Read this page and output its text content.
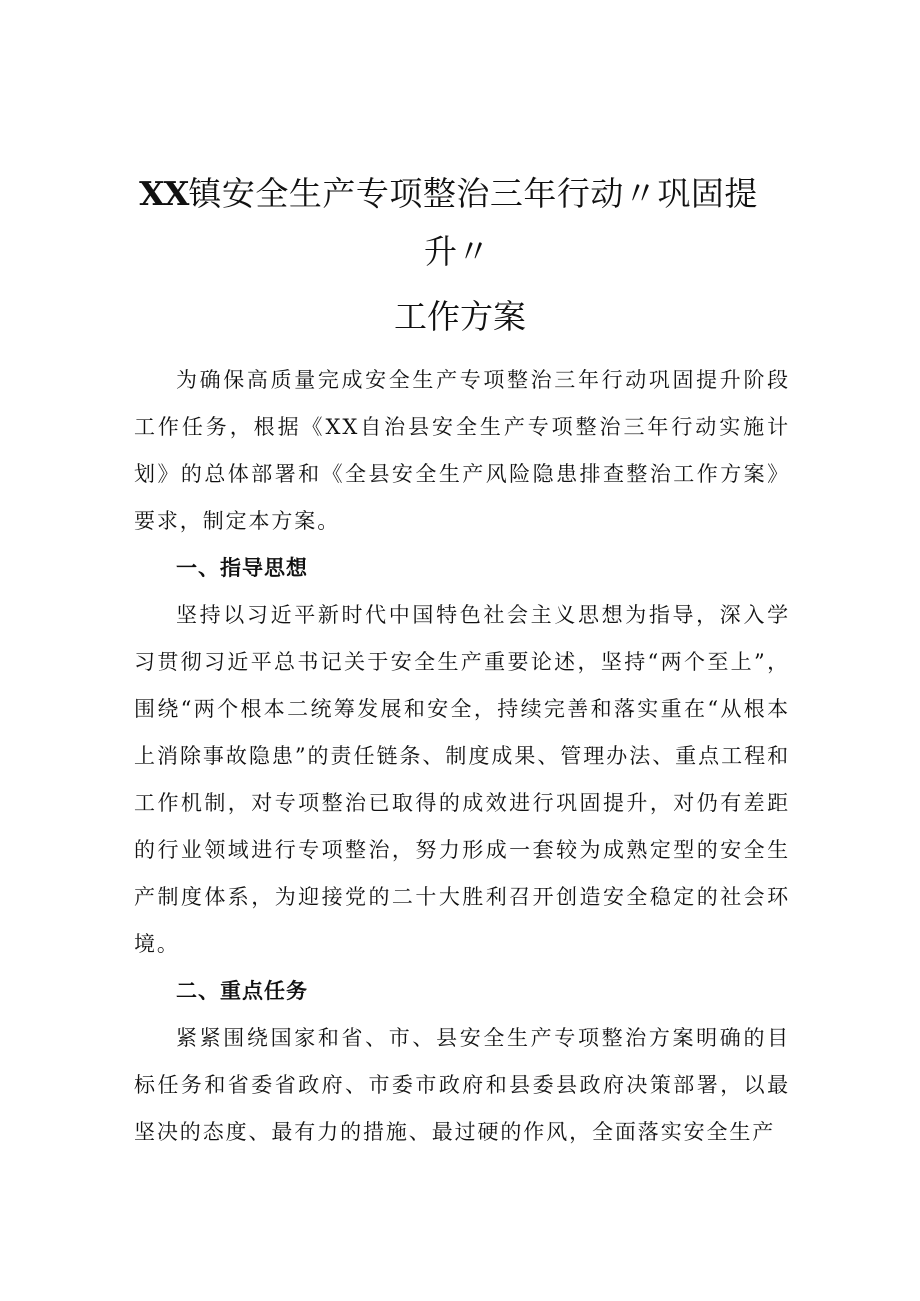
XX镇安全生产专项整治三年行动〃巩固提
升〃
工作方案

为确保高质量完成安全生产专项整治三年行动巩固提升阶段工作任务，根据《XX自治县安全生产专项整治三年行动实施计划》的总体部署和《全县安全生产风险隐患排查整治工作方案》要求，制定本方案。

一、指导思想

坚持以习近平新时代中国特色社会主义思想为指导，深入学习贯彻习近平总书记关于安全生产重要论述，坚持“两个至上”，围绕“两个根本二统筹发展和安全，持续完善和落实重在“从根本上消除事故隐患”的责任链条、制度成果、管理办法、重点工程和工作机制，对专项整治已取得的成效进行巩固提升，对仍有差距的行业领域进行专项整治，努力形成一套较为成熟定型的安全生产制度体系，为迎接党的二十大胜利召开创造安全稳定的社会环境。

二、重点任务

紧紧围绕国家和省、市、县安全生产专项整治方案明确的目标任务和省委省政府、市委市政府和县委县政府决策部署，以最坚决的态度、最有力的措施、最过硬的作风，全面落实安全生产
